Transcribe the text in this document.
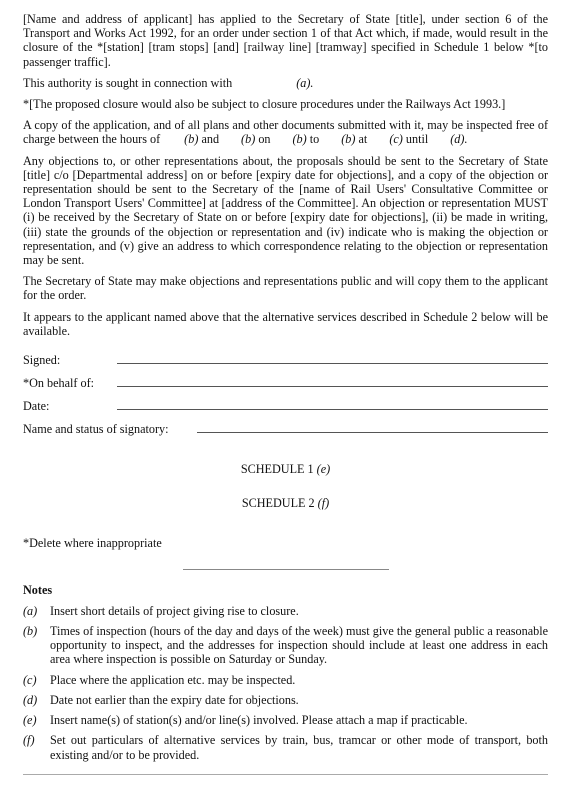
[Name and address of applicant] has applied to the Secretary of State [title], under section 6 of the Transport and Works Act 1992, for an order under section 1 of that Act which, if made, would result in the closure of the *[station] [tram stops] [and] [railway line] [tramway] specified in Schedule 1 below *[to passenger traffic].

This authority is sought in connection with	(a).

*[The proposed closure would also be subject to closure procedures under the Railways Act 1993.]

A copy of the application, and of all plans and other documents submitted with it, may be inspected free of charge between the hours of (b) and (b) on (b) to (b) at (c) until (d).

Any objections to, or other representations about, the proposals should be sent to the Secretary of State [title] c/o [Departmental address] on or before [expiry date for objections], and a copy of the objection or representation should be sent to the Secretary of the [name of Rail Users' Consultative Committee or London Transport Users' Committee] at [address of the Committee]. An objection or representation MUST (i) be received by the Secretary of State on or before [expiry date for objections], (ii) be made in writing, (iii) state the grounds of the objection or representation and (iv) indicate who is making the objection or representation, and (v) give an address to which correspondence relating to the objection or representation may be sent.

The Secretary of State may make objections and representations public and will copy them to the applicant for the order.

It appears to the applicant named above that the alternative services described in Schedule 2 below will be available.

Signed:
*On behalf of:
Date:
Name and status of signatory:
SCHEDULE 1 (e)
SCHEDULE 2 (f)
*Delete where inappropriate
Notes
(a)	Insert short details of project giving rise to closure.
(b)	Times of inspection (hours of the day and days of the week) must give the general public a reasonable opportunity to inspect, and the addresses for inspection should include at least one address in each area where inspection is possible on Saturday or Sunday.
(c)	Place where the application etc. may be inspected.
(d)	Date not earlier than the expiry date for objections.
(e)	Insert name(s) of station(s) and/or line(s) involved. Please attach a map if practicable.
(f)	Set out particulars of alternative services by train, bus, tramcar or other mode of transport, both existing and/or to be provided.
